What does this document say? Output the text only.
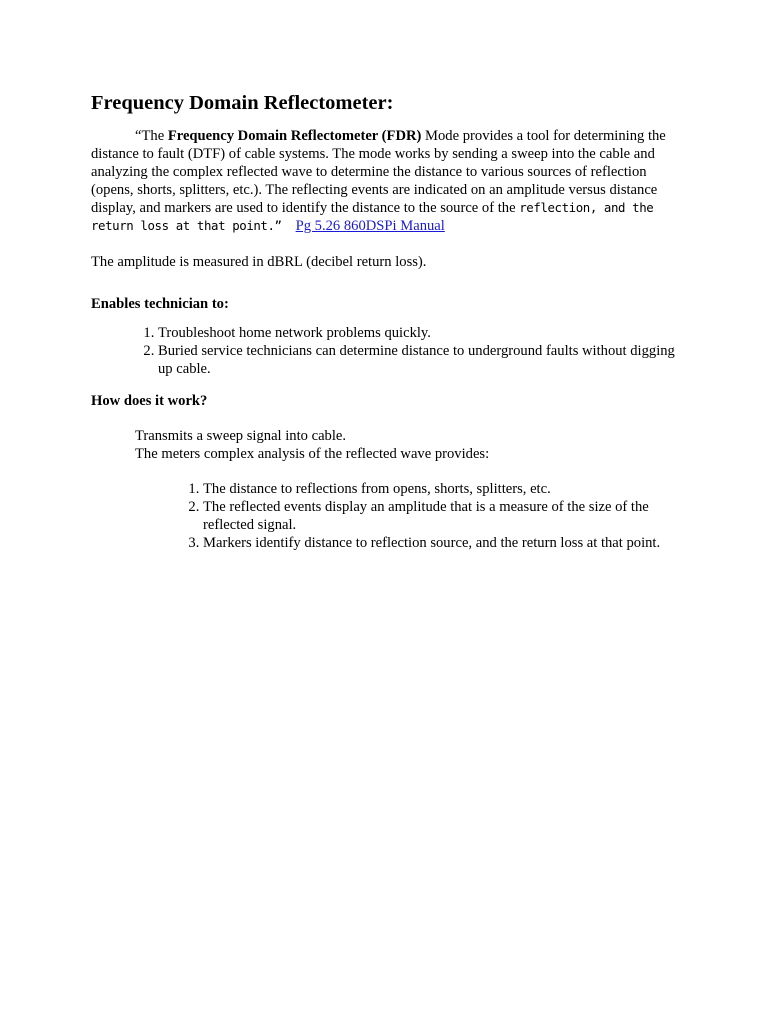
Frequency Domain Reflectometer:

“The Frequency Domain Reflectometer (FDR) Mode provides a tool for determining the distance to fault (DTF) of cable systems. The mode works by sending a sweep into the cable and analyzing the complex reflected wave to determine the distance to various sources of reflection (opens, shorts, splitters, etc.). The reflecting events are indicated on an amplitude versus distance display, and markers are used to identify the distance to the source of the reflection, and the return loss at that point.” Pg 5.26 860DSPi Manual

The amplitude is measured in dBRL (decibel return loss).

Enables technician to:
1. Troubleshoot home network problems quickly.
2. Buried service technicians can determine distance to underground faults without digging up cable.
How does it work?

Transmits a sweep signal into cable.

The meters complex analysis of the reflected wave provides:

1. The distance to reflections from opens, shorts, splitters, etc.
2. The reflected events display an amplitude that is a measure of the size of the reflected signal.
3. Markers identify distance to reflection source, and the return loss at that point.
